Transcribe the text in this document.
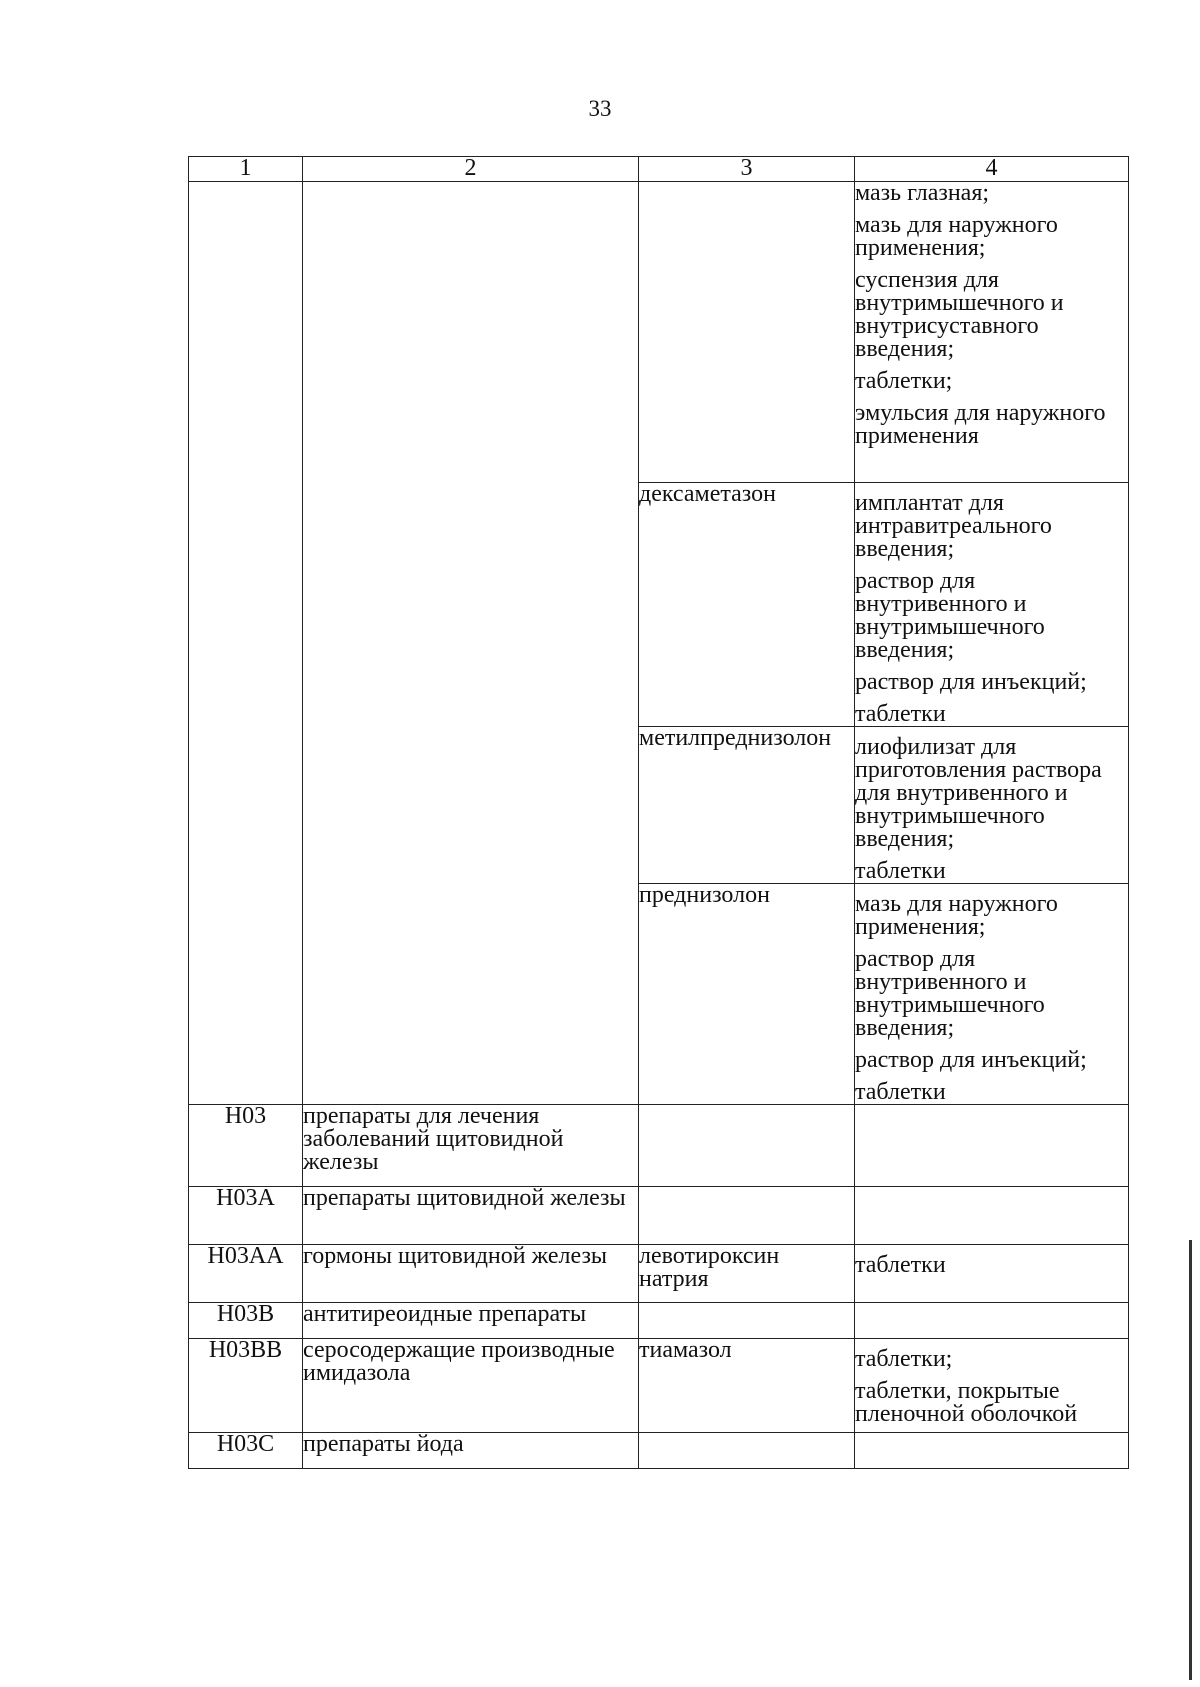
33
1	2	3	4

			мазь глазная;
мазь для наружного применения;
суспензия для внутримышечного и внутрисуставного введения;
таблетки;
эмульсия для наружного применения

		дексаметазон	имплантат для интравитреального введения;
раствор для внутривенного и внутримышечного введения;
раствор для инъекций;
таблетки

		метилпреднизолон	лиофилизат для приготовления раствора для внутривенного и внутримышечного введения;
таблетки

		преднизолон	мазь для наружного применения;
раствор для внутривенного и внутримышечного введения;
раствор для инъекций;
таблетки

H03	препараты для лечения заболеваний щитовидной железы		
H03A	препараты щитовидной железы		
H03AA	гормоны щитовидной железы	левотироксин натрия	таблетки

H03B	антитиреоидные препараты		
H03BB	серосодержащие производные имидазола	тиамазол	таблетки;
таблетки, покрытые пленочной оболочкой

H03C	препараты йода		
